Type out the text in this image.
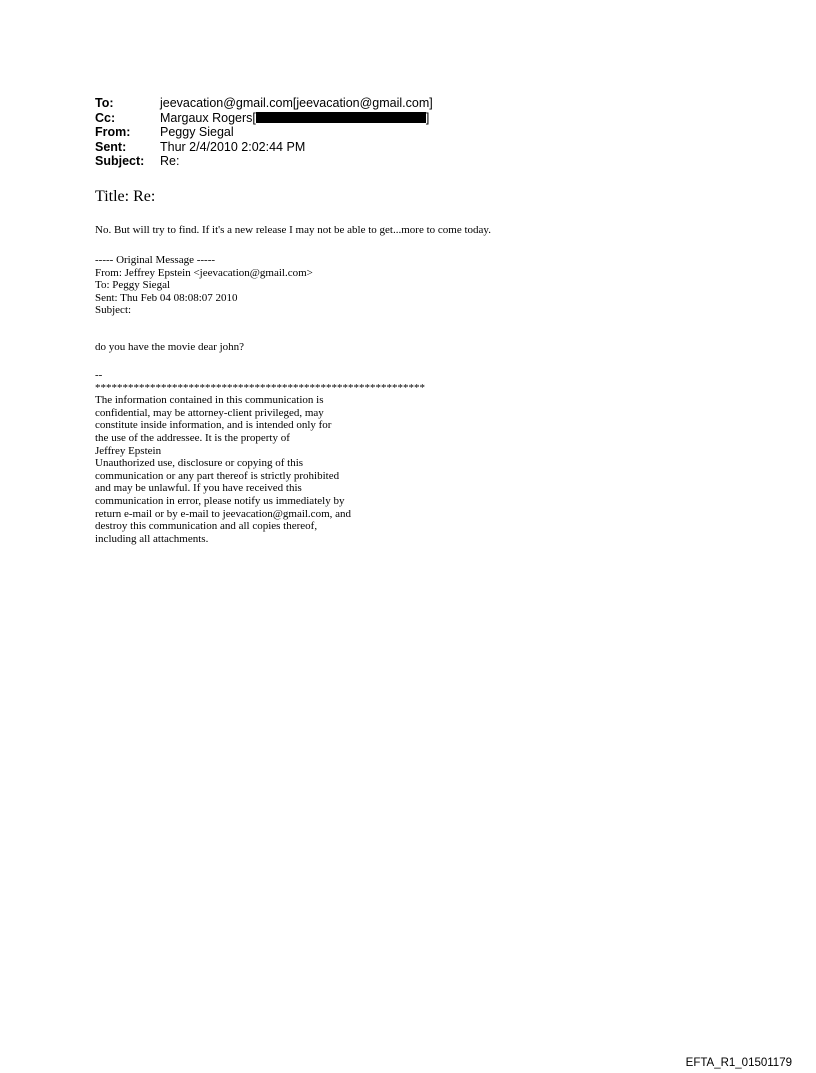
To:	jeevacation@gmail.com[jeevacation@gmail.com]
Cc:	Margaux Rogers[	]
From:	Peggy Siegal
Sent:	Thur 2/4/2010 2:02:44 PM
Subject:	Re:
Title: Re:
No. But will try to find. If it's a new release I may not be able to get...more to come today.
----- Original Message -----
From: Jeffrey Epstein <jeevacation@gmail.com>
To: Peggy Siegal
Sent: Thu Feb 04 08:08:07 2010
Subject:
do you have the movie dear john?
--
************************************************************
The information contained in this communication is
confidential, may be attorney-client privileged, may
constitute inside information, and is intended only for
the use of the addressee. It is the property of
Jeffrey Epstein
Unauthorized use, disclosure or copying of this
communication or any part thereof is strictly prohibited
and may be unlawful. If you have received this
communication in error, please notify us immediately by
return e-mail or by e-mail to jeevacation@gmail.com, and
destroy this communication and all copies thereof,
including all attachments.
EFTA_R1_01501179
